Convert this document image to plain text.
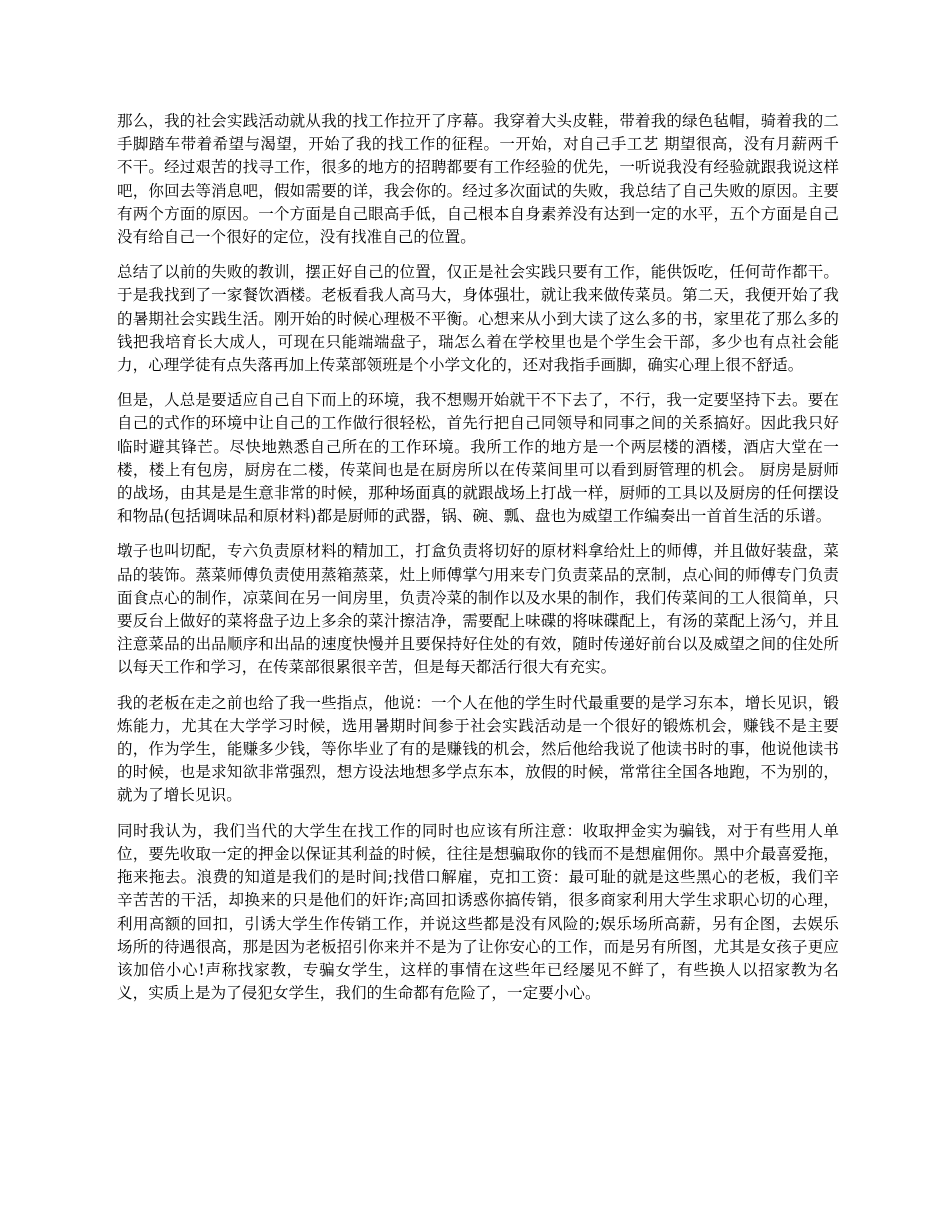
那么，我的社会实践活动就从我的找工作拉开了序幕。我穿着大头皮鞋，带着我的绿色毡帽，骑着我的二手脚踏车带着希望与渴望，开始了我的找工作的征程。一开始，对自己手工艺 期望很高，没有月薪两千不干。经过艰苦的找寻工作，很多的地方的招聘都要有工作经验的优先，一听说我没有经验就跟我说这样吧，你回去等消息吧，假如需要的详，我会你的。经过多次面试的失败，我总结了自己失败的原因。主要有两个方面的原因。一个方面是自己眼高手低，自己根本自身素养没有达到一定的水平，五个方面是自己没有给自己一个很好的定位，没有找准自己的位置。

总结了以前的失败的教训，摆正好自己的位置，仅正是社会实践只要有工作，能供饭吃，任何苛作都干。于是我找到了一家餐饮酒楼。老板看我人高马大，身体强壮，就让我来做传菜员。第二天，我便开始了我的暑期社会实践生活。刚开始的时候心理极不平衡。心想来从小到大读了这么多的书，家里花了那么多的钱把我培育长大成人，可现在只能端端盘子，瑞怎么着在学校里也是个学生会干部，多少也有点社会能力，心理学徒有点失落再加上传菜部领班是个小学文化的，还对我指手画脚，确实心理上很不舒适。

但是，人总是要适应自己自下而上的环境，我不想赐开始就干不下去了，不行，我一定要坚持下去。要在自己的式作的环境中让自己的工作做行很轻松，首先行把自己同领导和同事之间的关系搞好。因此我只好临时避其锋芒。尽快地熟悉自己所在的工作环境。我所工作的地方是一个两层楼的酒楼，酒店大堂在一楼，楼上有包房，厨房在二楼，传菜间也是在厨房所以在传菜间里可以看到厨管理的机会。 厨房是厨师的战场，由其是是生意非常的时候，那种场面真的就跟战场上打战一样，厨师的工具以及厨房的任何摆设和物品(包括调味品和原材料)都是厨师的武器，锅、碗、瓢、盘也为威望工作编奏出一首首生活的乐谱。

墩子也叫切配，专六负责原材料的精加工，打盒负责将切好的原材料拿给灶上的师傅，并且做好装盘，菜品的装饰。蒸菜师傅负责使用蒸箱蒸菜，灶上师傅掌勺用来专门负责菜品的烹制，点心间的师傅专门负责面食点心的制作，凉菜间在另一间房里，负责冷菜的制作以及水果的制作，我们传菜间的工人很简单，只要反台上做好的菜将盘子边上多余的菜汁擦洁净，需要配上味碟的将味碟配上，有汤的菜配上汤勺，并且注意菜品的出品顺序和出品的速度快慢并且要保持好住处的有效，随时传递好前台以及威望之间的住处所以每天工作和学习，在传菜部很累很辛苦，但是每天都活行很大有充实。

我的老板在走之前也给了我一些指点，他说：一个人在他的学生时代最重要的是学习东本，增长见识，锻炼能力，尤其在大学学习时候，选用暑期时间参于社会实践活动是一个很好的锻炼机会，赚钱不是主要的，作为学生，能赚多少钱，等你毕业了有的是赚钱的机会，然后他给我说了他读书时的事，他说他读书的时候，也是求知欲非常强烈，想方设法地想多学点东本，放假的时候，常常往全国各地跑，不为别的，就为了增长见识。

同时我认为，我们当代的大学生在找工作的同时也应该有所注意：收取押金实为骗钱，对于有些用人单位，要先收取一定的押金以保证其利益的时候，往往是想骗取你的钱而不是想雇佣你。黑中介最喜爱拖，拖来拖去。浪费的知道是我们的是时间;找借口解雇，克扣工资：最可耻的就是这些黑心的老板，我们辛辛苦苦的干活，却换来的只是他们的奸诈;高回扣诱惑你搞传销，很多商家利用大学生求职心切的心理，利用高额的回扣，引诱大学生作传销工作，并说这些都是没有风险的;娱乐场所高薪，另有企图，去娱乐场所的待遇很高，那是因为老板招引你来并不是为了让你安心的工作，而是另有所图，尤其是女孩子更应该加倍小心!声称找家教，专骗女学生，这样的事情在这些年已经屡见不鲜了，有些换人以招家教为名义，实质上是为了侵犯女学生，我们的生命都有危险了，一定要小心。
